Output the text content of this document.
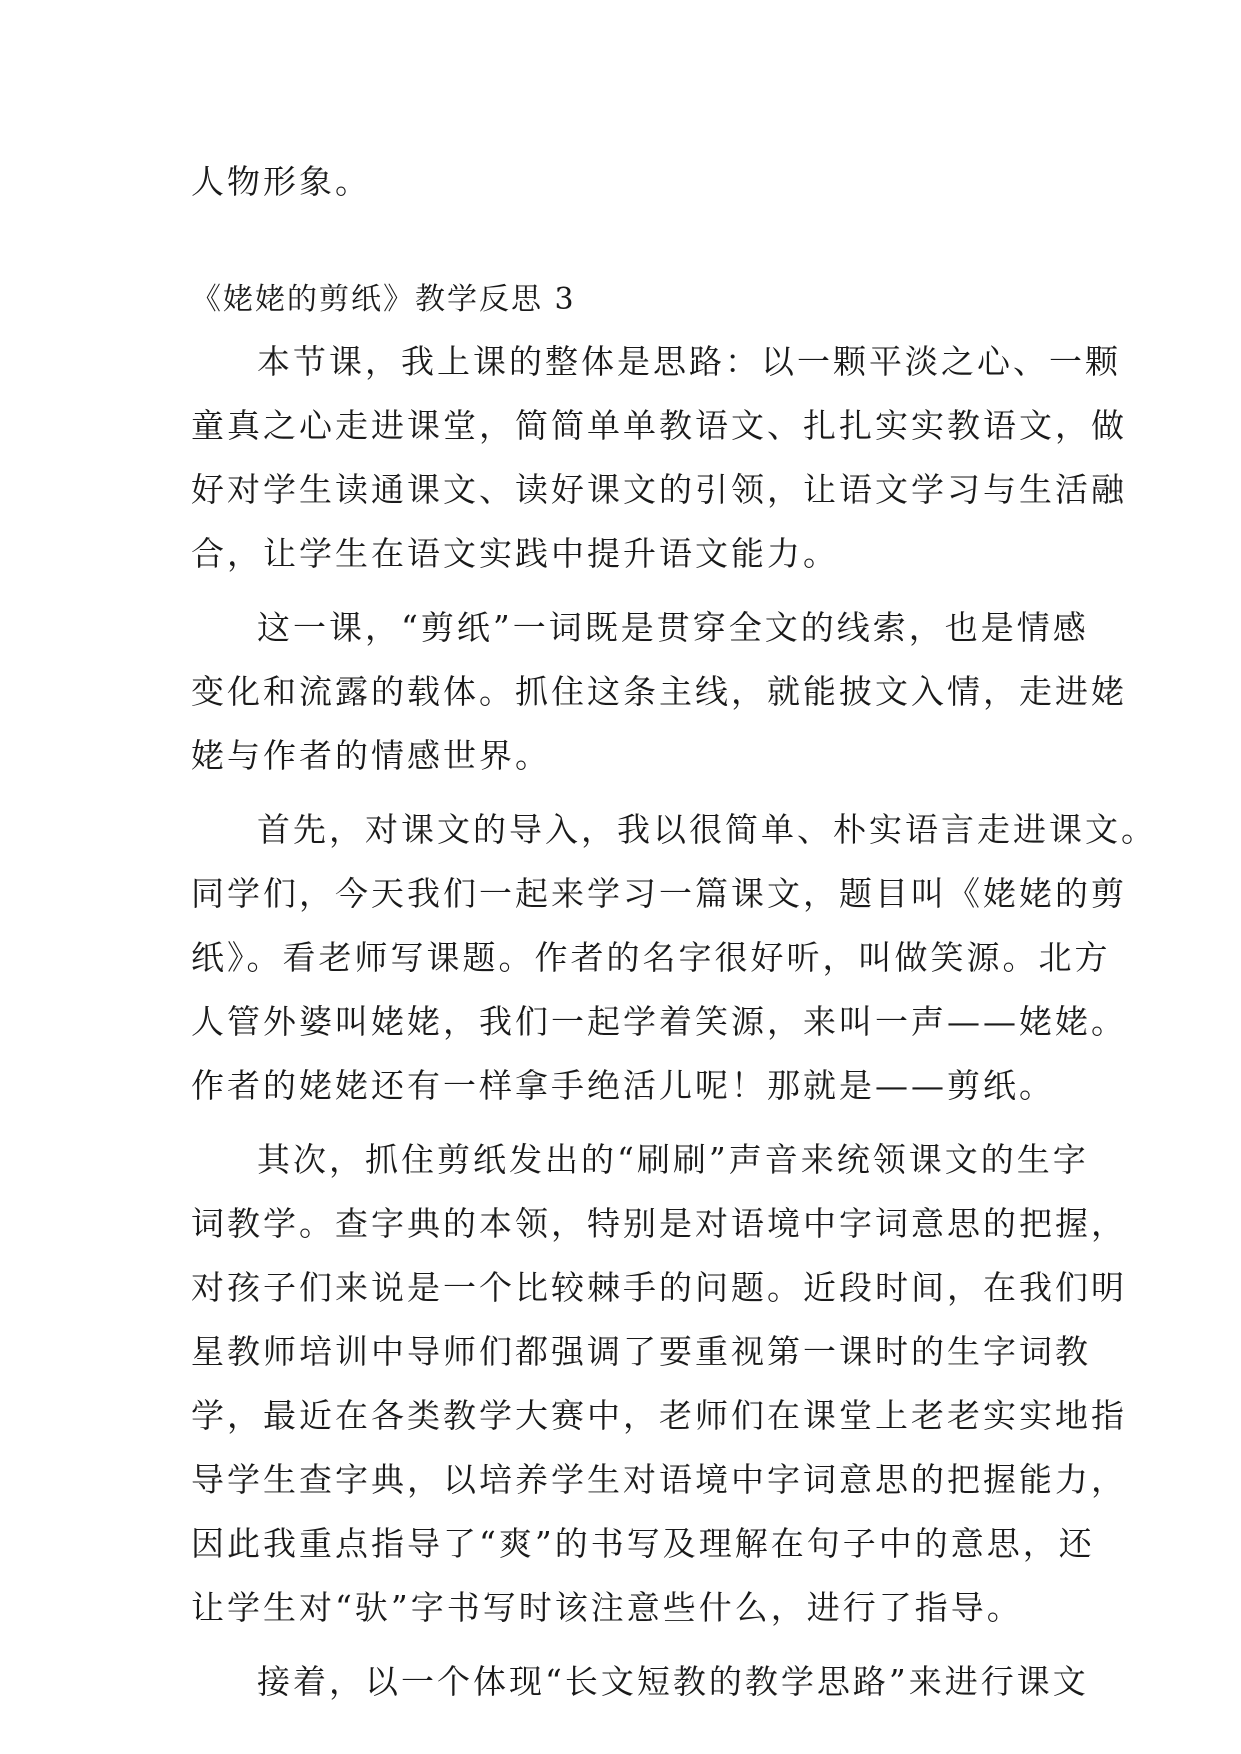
人物形象。

《姥姥的剪纸》教学反思 3

本节课，我上课的整体是思路：以一颗平淡之心、一颗

童真之心走进课堂，简简单单教语文、扎扎实实教语文，做

好对学生读通课文、读好课文的引领，让语文学习与生活融

合，让学生在语文实践中提升语文能力。

这一课，“剪纸”一词既是贯穿全文的线索，也是情感

变化和流露的载体。抓住这条主线，就能披文入情，走进姥

姥与作者的情感世界。

首先，对课文的导入，我以很简单、朴实语言走进课文。

同学们，今天我们一起来学习一篇课文，题目叫《姥姥的剪

纸》。看老师写课题。作者的名字很好听，叫做笑源。北方

人管外婆叫姥姥，我们一起学着笑源，来叫一声——姥姥。

作者的姥姥还有一样拿手绝活儿呢！那就是——剪纸。

其次，抓住剪纸发出的“刷刷”声音来统领课文的生字

词教学。查字典的本领，特别是对语境中字词意思的把握，

对孩子们来说是一个比较棘手的问题。近段时间，在我们明

星教师培训中导师们都强调了要重视第一课时的生字词教

学，最近在各类教学大赛中，老师们在课堂上老老实实地指

导学生查字典，以培养学生对语境中字词意思的把握能力，

因此我重点指导了“爽”的书写及理解在句子中的意思，还

让学生对“驮”字书写时该注意些什么，进行了指导。

接着，以一个体现“长文短教的教学思路”来进行课文
